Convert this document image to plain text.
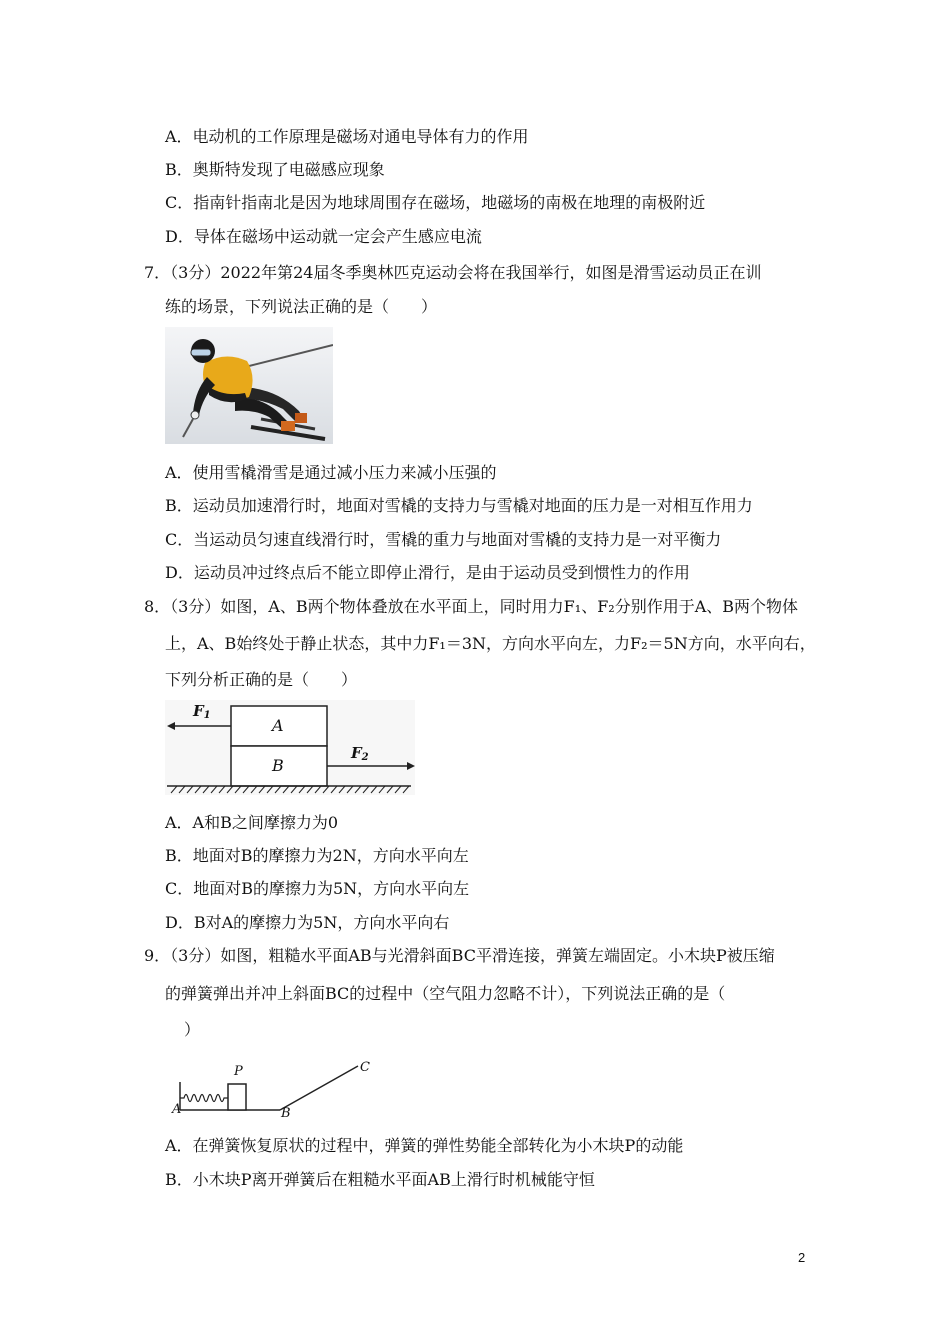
A．电动机的工作原理是磁场对通电导体有力的作用
B．奥斯特发现了电磁感应现象
C．指南针指南北是因为地球周围存在磁场，地磁场的南极在地理的南极附近
D．导体在磁场中运动就一定会产生感应电流
7．（3分）2022年第24届冬季奥林匹克运动会将在我国举行，如图是滑雪运动员正在训
练的场景，下列说法正确的是（　　）
A．使用雪橇滑雪是通过减小压力来减小压强的
B．运动员加速滑行时，地面对雪橇的支持力与雪橇对地面的压力是一对相互作用力
C．当运动员匀速直线滑行时，雪橇的重力与地面对雪橇的支持力是一对平衡力
D．运动员冲过终点后不能立即停止滑行，是由于运动员受到惯性力的作用
8．（3分）如图，A、B两个物体叠放在水平面上，同时用力F₁、F₂分别作用于A、B两个物体
上，A、B始终处于静止状态，其中力F₁＝3N，方向水平向左，力F₂＝5N方向，水平向右，
下列分析正确的是（　　）
$F_1$
$F_2$
A
B
A．A和B之间摩擦力为0
B．地面对B的摩擦力为2N，方向水平向左
C．地面对B的摩擦力为5N，方向水平向左
D．B对A的摩擦力为5N，方向水平向右
9．（3分）如图，粗糙水平面AB与光滑斜面BC平滑连接，弹簧左端固定。小木块P被压缩
的弹簧弹出并冲上斜面BC的过程中（空气阻力忽略不计），下列说法正确的是（
）
A	B
C
P
A．在弹簧恢复原状的过程中，弹簧的弹性势能全部转化为小木块P的动能
B．小木块P离开弹簧后在粗糙水平面AB上滑行时机械能守恒
2
